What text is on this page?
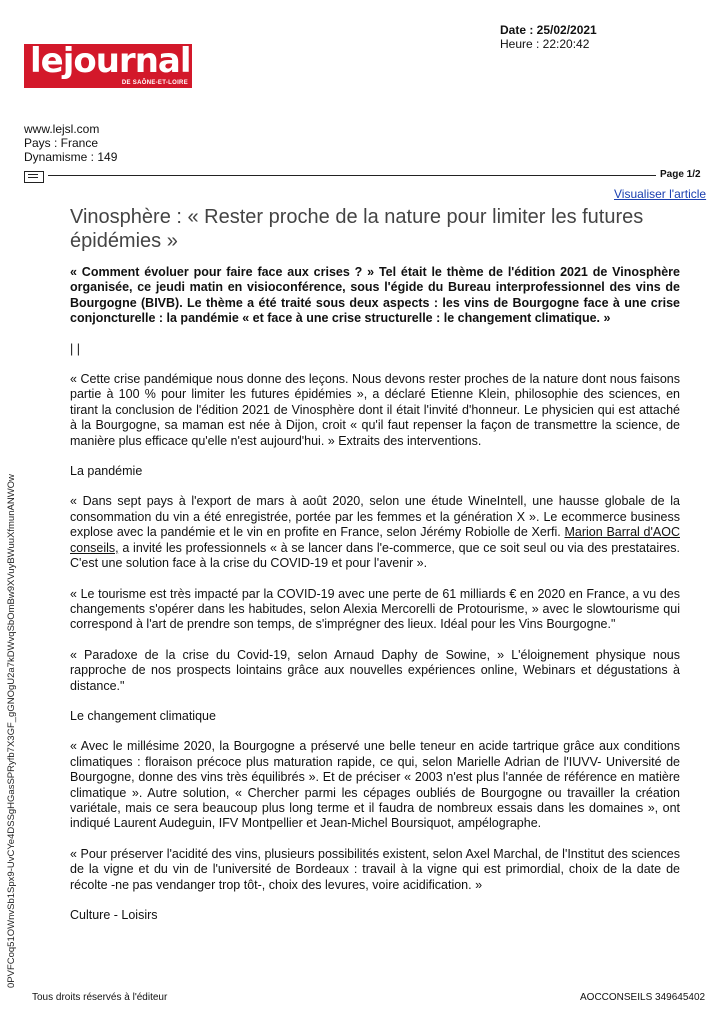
Date : 25/02/2021
Heure : 22:20:42
lejournal
DE SAÔNE-ET-LOIRE
www.lejsl.com
Pays : France
Dynamisme : 149
Page 1/2
Visualiser l'article
Vinosphère : « Rester proche de la nature pour limiter les futures épidémies »

« Comment évoluer pour faire face aux crises ? » Tel était le thème de l'édition 2021 de Vinosphère organisée, ce jeudi matin en visioconférence, sous l'égide du Bureau interprofessionnel des vins de Bourgogne (BIVB). Le thème a été traité sous deux aspects : les vins de Bourgogne face à une crise conjoncturelle : la pandémie « et face à une crise structurelle : le changement climatique. »

| |

« Cette crise pandémique nous donne des leçons. Nous devons rester proches de la nature dont nous faisons partie à 100 % pour limiter les futures épidémies », a déclaré Etienne Klein, philosophie des sciences, en tirant la conclusion de l'édition 2021 de Vinosphère dont il était l'invité d'honneur. Le physicien qui est attaché à la Bourgogne, sa maman est née à Dijon, croit « qu'il faut repenser la façon de transmettre la science, de manière plus efficace qu'elle n'est aujourd'hui. » Extraits des interventions.

La pandémie

« Dans sept pays à l'export de mars à août 2020, selon une étude WineIntell, une hausse globale de la consommation du vin a été enregistrée, portée par les femmes et la génération X ». Le ecommerce business explose avec la pandémie et le vin en profite en France, selon Jérémy Robiolle de Xerfi. Marion Barral d'AOC conseils, a invité les professionnels « à se lancer dans l'e-commerce, que ce soit seul ou via des prestataires. C'est une solution face à la crise du COVID-19 et pour l'avenir ».

« Le tourisme est très impacté par la COVID-19 avec une perte de 61 milliards € en 2020 en France, a vu des changements s'opérer dans les habitudes, selon Alexia Mercorelli de Protourisme, » avec le slowtourisme qui correspond à l'art de prendre son temps, de s'imprégner des lieux. Idéal pour les Vins Bourgogne."

« Paradoxe de la crise du Covid-19, selon Arnaud Daphy de Sowine, » L'éloignement physique nous rapproche de nos prospects lointains grâce aux nouvelles expériences online, Webinars et dégustations à distance."

Le changement climatique

« Avec le millésime 2020, la Bourgogne a préservé une belle teneur en acide tartrique grâce aux conditions climatiques : floraison précoce plus maturation rapide, ce qui, selon Marielle Adrian de l'IUVV- Université de Bourgogne, donne des vins très équilibrés ». Et de préciser « 2003 n'est plus l'année de référence en matière climatique ». Autre solution, « Chercher parmi les cépages oubliés de Bourgogne ou travailler la création variétale, mais ce sera beaucoup plus long terme et il faudra de nombreux essais dans les domaines », ont indiqué Laurent Audeguin, IFV Montpellier et Jean-Michel Boursiquot, ampélographe.

« Pour préserver l'acidité des vins, plusieurs possibilités existent, selon Axel Marchal, de l'Institut des sciences de la vigne et du vin de l'université de Bordeaux : travail à la vigne qui est primordial, choix de la date de récolte -ne pas vendanger trop tôt-, choix des levures, voire acidification. »

Culture - Loisirs

0PVFCoq51OWnvSb1Spx9-UvCYe4DSSgHGasSPRyfb7X3GF_gGNOgU2a7kDWvqSbOmBw9XVuyBWuuXfmunANWOw
Tous droits réservés à l'éditeur	AOCCONSEILS 349645402
